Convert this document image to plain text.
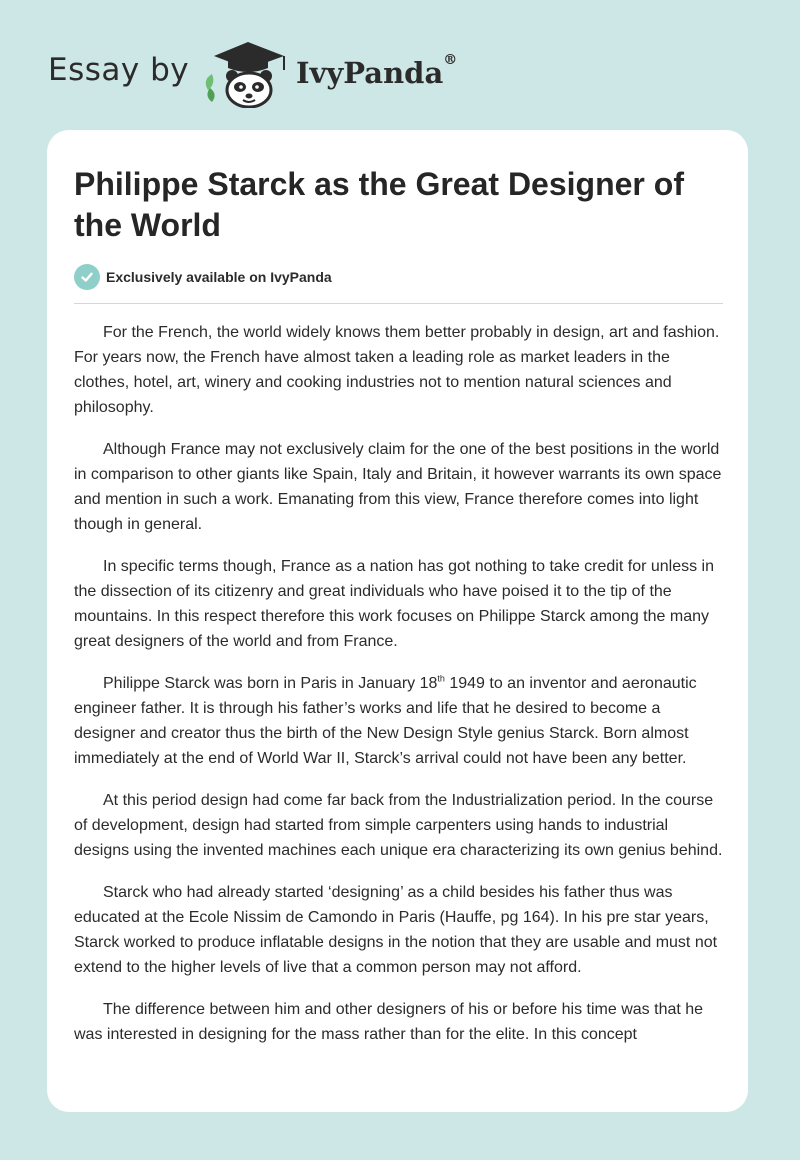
Essay by	IvyPanda®
Philippe Starck as the Great Designer of the World
Exclusively available on IvyPanda

For the French, the world widely knows them better probably in design, art and fashion. For years now, the French have almost taken a leading role as market leaders in the clothes, hotel, art, winery and cooking industries not to mention natural sciences and philosophy.

Although France may not exclusively claim for the one of the best positions in the world in comparison to other giants like Spain, Italy and Britain, it however warrants its own space and mention in such a work. Emanating from this view, France therefore comes into light though in general.

In specific terms though, France as a nation has got nothing to take credit for unless in the dissection of its citizenry and great individuals who have poised it to the tip of the mountains. In this respect therefore this work focuses on Philippe Starck among the many great designers of the world and from France.

Philippe Starck was born in Paris in January 18th 1949 to an inventor and aeronautic engineer father. It is through his father’s works and life that he desired to become a designer and creator thus the birth of the New Design Style genius Starck. Born almost immediately at the end of World War II, Starck’s arrival could not have been any better.

At this period design had come far back from the Industrialization period. In the course of development, design had started from simple carpenters using hands to industrial designs using the invented machines each unique era characterizing its own genius behind.

Starck who had already started ‘designing’ as a child besides his father thus was educated at the Ecole Nissim de Camondo in Paris (Hauffe, pg 164). In his pre star years, Starck worked to produce inflatable designs in the notion that they are usable and must not extend to the higher levels of live that a common person may not afford.

The difference between him and other designers of his or before his time was that he was interested in designing for the mass rather than for the elite. In this concept
